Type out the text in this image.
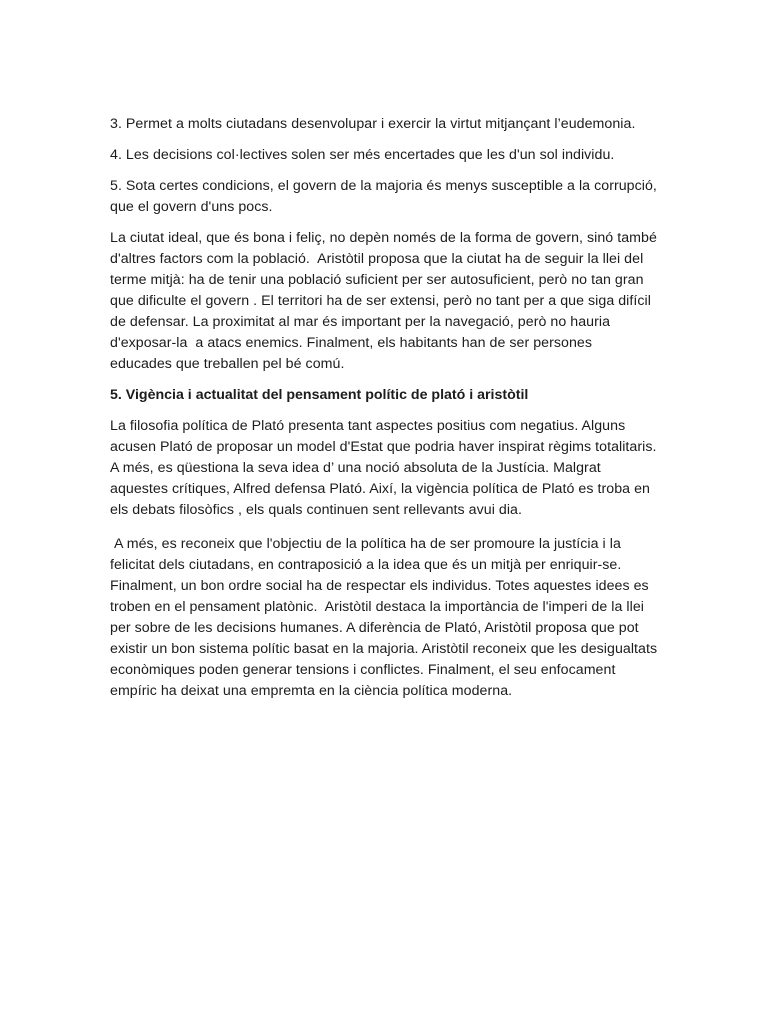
3. Permet a molts ciutadans desenvolupar i exercir la virtut mitjançant l’eudemonia.

4. Les decisions col·lectives solen ser més encertades que les d'un sol individu.

5. Sota certes condicions, el govern de la majoria és menys susceptible a la corrupció, que el govern d'uns pocs.

La ciutat ideal, que és bona i feliç, no depèn només de la forma de govern, sinó també d'altres factors com la població.  Aristòtil proposa que la ciutat ha de seguir la llei del terme mitjà: ha de tenir una població suficient per ser autosuficient, però no tan gran que dificulte el govern . El territori ha de ser extensi, però no tant per a que siga difícil de defensar. La proximitat al mar és important per la navegació, però no hauria d'exposar-la  a atacs enemics. Finalment, els habitants han de ser persones  educades que treballen pel bé comú.

5. Vigència i actualitat del pensament polític de plató i aristòtil

La filosofia política de Plató presenta tant aspectes positius com negatius. Alguns acusen Plató de proposar un model d'Estat que podria haver inspirat règims totalitaris. A més, es qüestiona la seva idea d’ una noció absoluta de la Justícia. Malgrat aquestes crítiques, Alfred defensa Plató. Així, la vigència política de Plató es troba en els debats filosòfics , els quals continuen sent rellevants avui dia.

A més, es reconeix que l'objectiu de la política ha de ser promoure la justícia i la felicitat dels ciutadans, en contraposició a la idea que és un mitjà per enriquir-se. Finalment, un bon ordre social ha de respectar els individus. Totes aquestes idees es troben en el pensament platònic.  Aristòtil destaca la importància de l'imperi de la llei per sobre de les decisions humanes. A diferència de Plató, Aristòtil proposa que pot existir un bon sistema polític basat en la majoria. Aristòtil reconeix que les desigualtats econòmiques poden generar tensions i conflictes. Finalment, el seu enfocament  empíric ha deixat una empremta en la ciència política moderna.
